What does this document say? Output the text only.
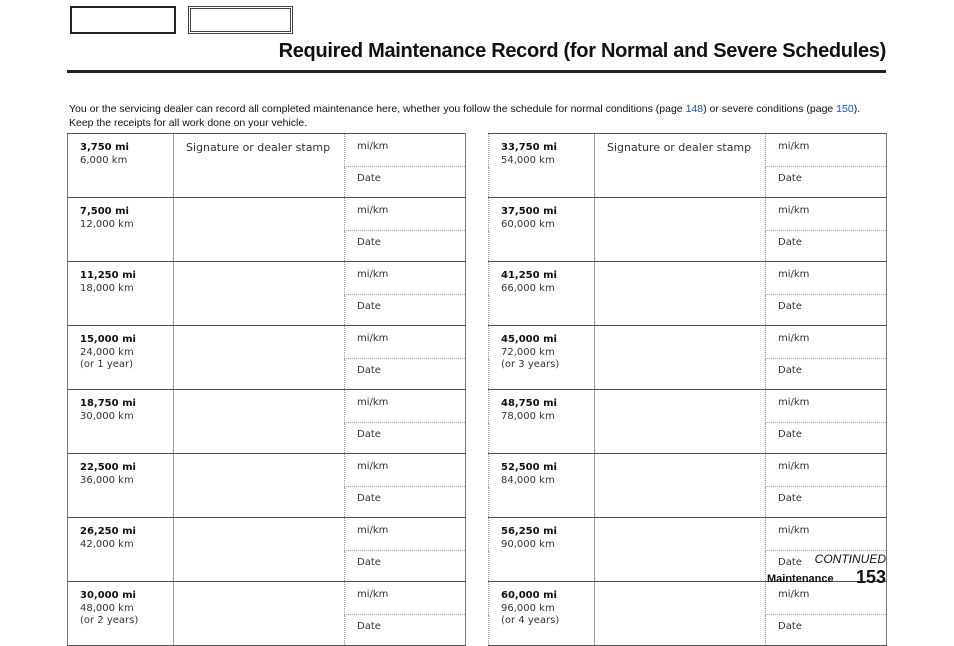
Required Maintenance Record (for Normal and Severe Schedules)
You or the servicing dealer can record all completed maintenance here, whether you follow the schedule for normal conditions (page 148) or severe conditions (page 150). Keep the receipts for all work done on your vehicle.
3,750 mi
6,000 km	Signature or dealer stamp	mi/km
		Date

7,500 mi
12,000 km		mi/km
		Date

11,250 mi
18,000 km		mi/km
		Date

15,000 mi
24,000 km
(or 1 year)		mi/km
		Date

18,750 mi
30,000 km		mi/km
		Date

22,500 mi
36,000 km		mi/km
		Date

26,250 mi
42,000 km		mi/km
		Date

30,000 mi
48,000 km
(or 2 years)		mi/km
		Date
33,750 mi
54,000 km	Signature or dealer stamp	mi/km
		Date

37,500 mi
60,000 km		mi/km
		Date

41,250 mi
66,000 km		mi/km
		Date

45,000 mi
72,000 km
(or 3 years)		mi/km
		Date

48,750 mi
78,000 km		mi/km
		Date

52,500 mi
84,000 km		mi/km
		Date

56,250 mi
90,000 km		mi/km
		Date

60,000 mi
96,000 km
(or 4 years)		mi/km
		Date
CONTINUED
Maintenance 153
